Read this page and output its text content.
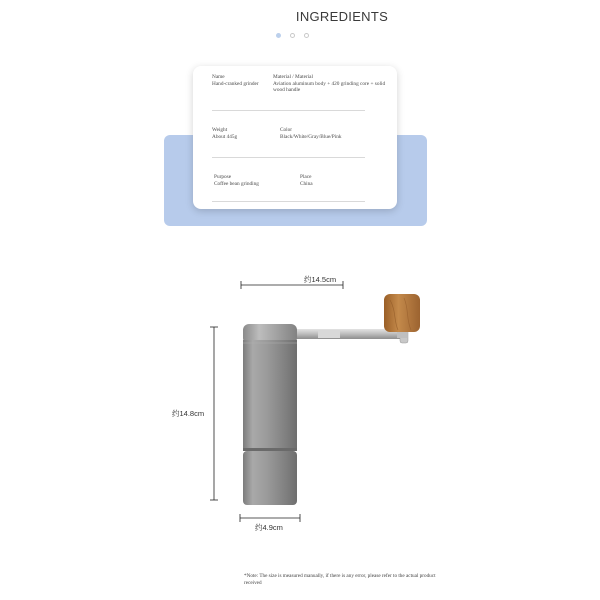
INGREDIENTS
Name
Hand-cranked grinder
Material / Material
Aviation aluminum body + 420 grinding core + solid wood handle
Weight
About 445g
Color
Black/White/Gray/Blue/Pink
Purpose
Coffee bean grinding
Place
China
约14.5cm
约14.8cm
约4.9cm
*Note: The size is measured manually, if there is any error, please refer to the actual product received
